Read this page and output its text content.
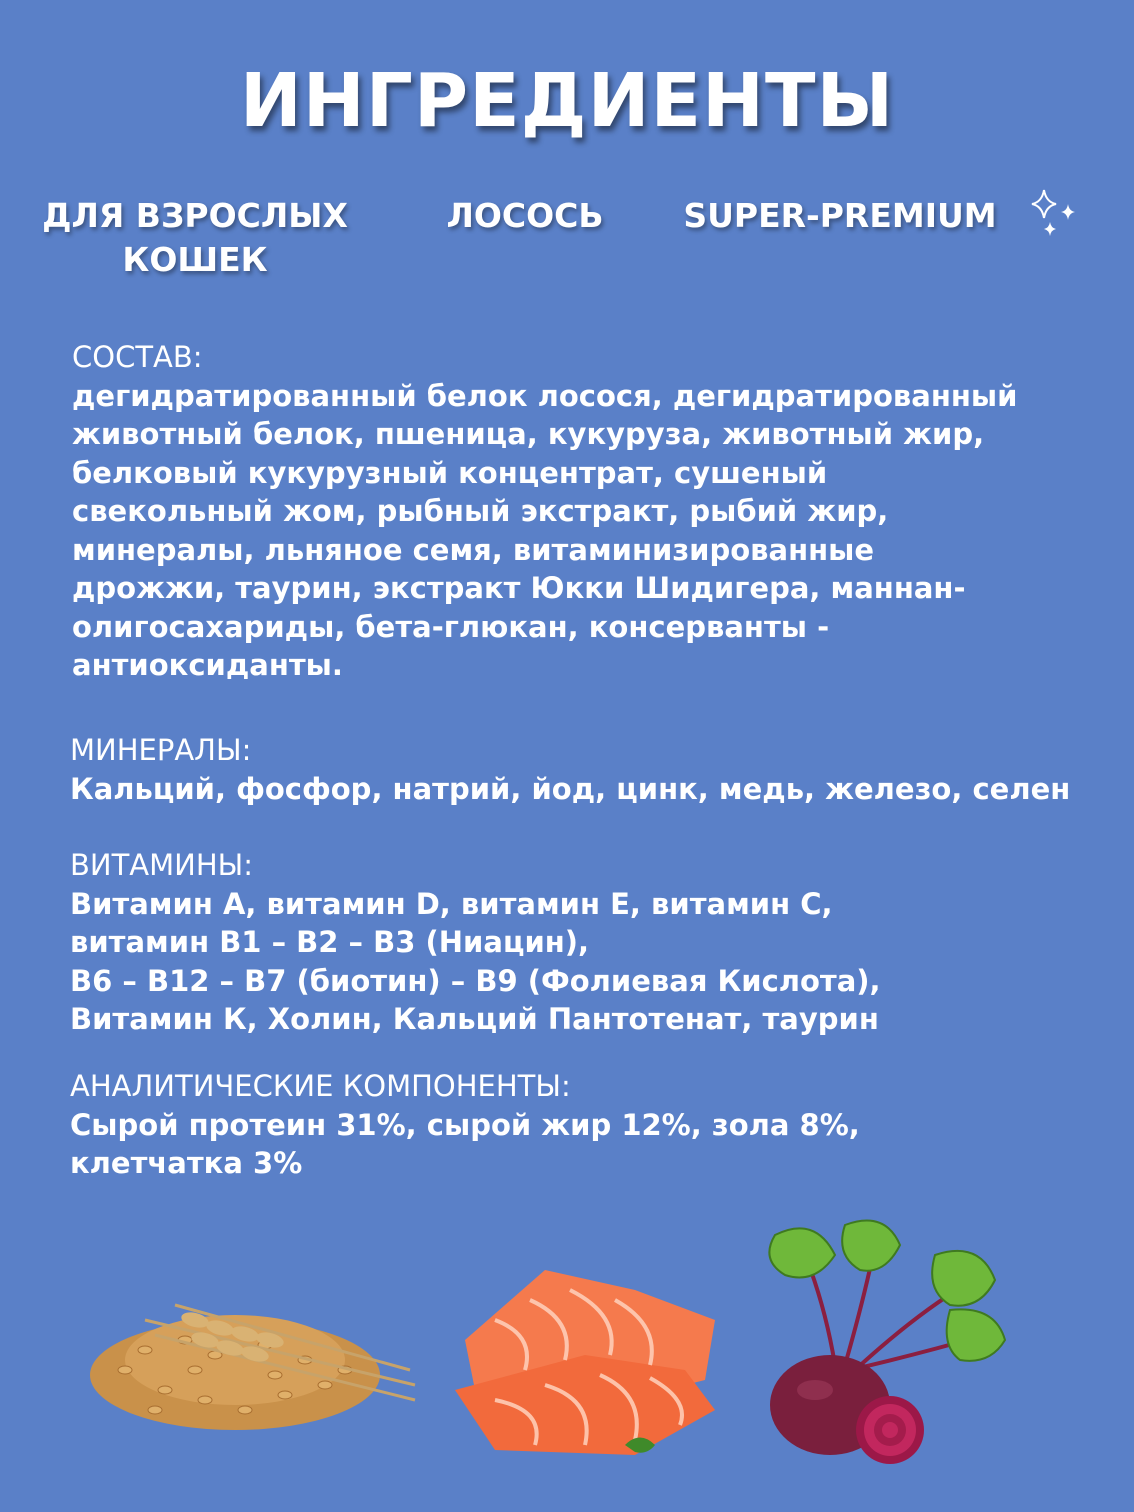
ИНГРЕДИЕНТЫ
ДЛЯ ВЗРОСЛЫХ
КОШЕК
ЛОСОСЬ	SUPER-PREMIUM
СОСТАВ:
дегидратированный белок лосося, дегидратированный
животный белок, пшеница, кукуруза, животный жир,
белковый кукурузный концентрат, сушеный
свекольный жом, рыбный экстракт, рыбий жир,
минералы, льняное семя, витаминизированные
дрожжи, таурин, экстракт Юкки Шидигера, маннан-
олигосахариды, бета-глюкан, консерванты -
антиоксиданты.
МИНЕРАЛЫ:
Кальций, фосфор, натрий, йод, цинк, медь, железо, селен
ВИТАМИНЫ:
Витамин А, витамин D, витамин E, витамин С,
витамин B1 – B2 – B3 (Ниацин),
B6 – B12 – B7 (биотин) – B9 (Фолиевая Кислота),
Витамин К, Холин, Кальций Пантотенат, таурин
АНАЛИТИЧЕСКИЕ КОМПОНЕНТЫ:
Сырой протеин 31%, сырой жир 12%, зола 8%,
клетчатка 3%
